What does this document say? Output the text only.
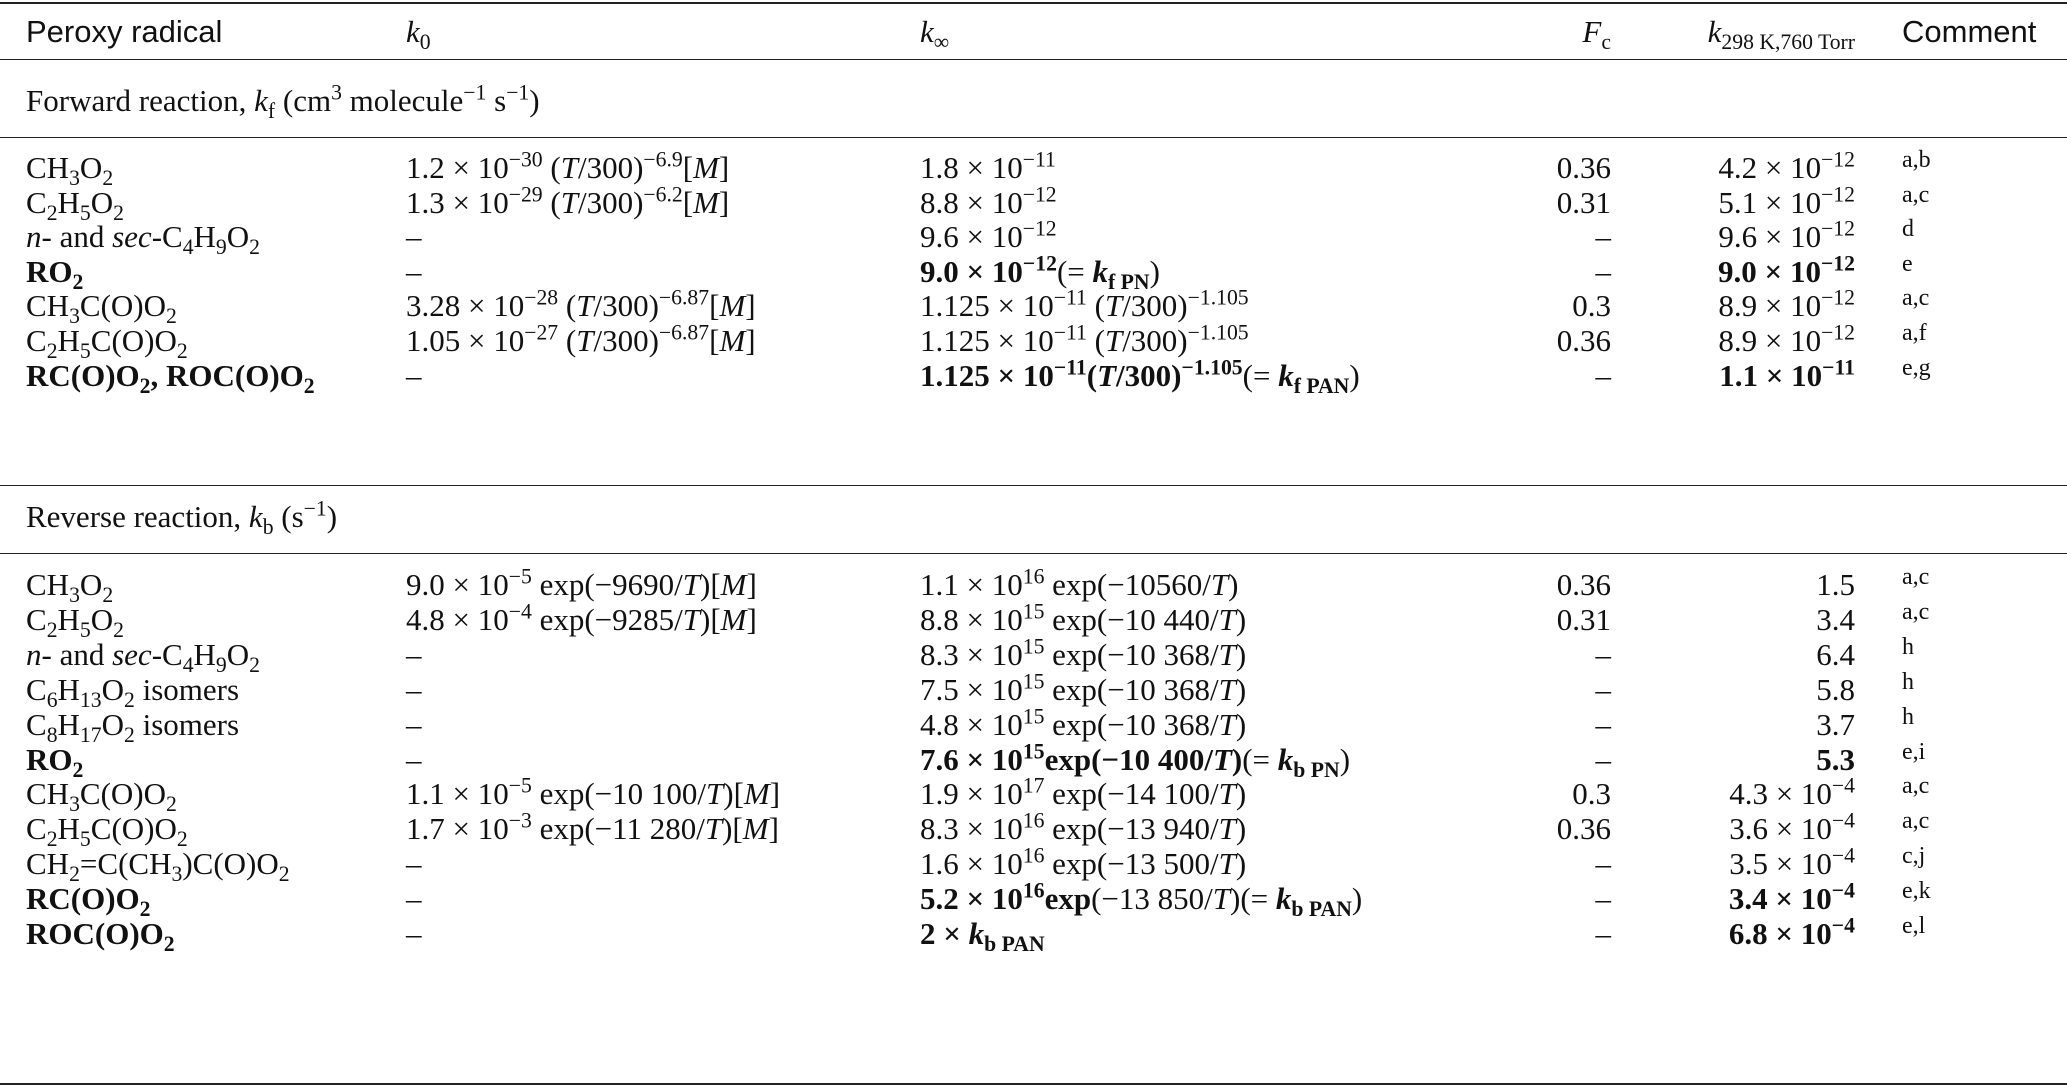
Peroxy radical	$k_0$	$k_\infty$	$F_c$	$k_{298 K,760 Torr}$ Comment
Forward reaction, $k_f$ ($cm^3$ molecule$^{-1}$ $s^{-1}$)
$CH_3O_2$	$1.2 \times 10^{-30}$ $(T/300)^{-6.9}[M]$	$1.8 \times 10^{-11}$	0.36	$4.2 \times 10^{-12}$ a,b
$C_2H_5O_2$	$1.3 \times 10^{-29}$ $(T/300)^{-6.2}[M]$	$8.8 \times 10^{-12}$	0.31	$5.1 \times 10^{-12}$ a,c
n- and $\sec-C_4H_9O_2$	–	$9.6 \times 10^{-12}$	–	$9.6 \times 10^{-12}$ d
$RO_2$	–	$9.0 \times 10^{-12}(= k_{f PN})$	–	$9.0 \times 10^{-12}$ e
$CH_3C(O)O_2$	$3.28 \times 10^{-28}$ $(T/300)^{-6.87}[M]$	$1.125 \times 10^{-11}$ $(T/300)^{-1.105}$	0.3	$8.9 \times 10^{-12}$ a,c
$C_2H_5C(O)O_2$	$1.05 \times 10^{-27}$ $(T/300)^{-6.87}[M]$	$1.125 \times 10^{-11}$ $(T/300)^{-1.105}$	0.36	$8.9 \times 10^{-12}$ a,f
$RC(O)O_2$, $ROC(O)O_2$	–	$1.125 \times 10^{-11}(T/300)^{-1.105}(= k_{f PAN})$	–	$1.1 \times 10^{-11}$ e,g
Reverse reaction, $k_b$ $(s^{-1})$
$CH_3O_2$	$9.0 \times 10^{-5}$ exp(−9690/T)[M]	$1.1 \times 10^{16}$ exp(−10560/T)	0.36	1.5 a,c
$C_2H_5O_2$	$4.8 \times 10^{-4}$ exp(−9285/T)[M]	$8.8 \times 10^{15}$ exp(−10 440/T)	0.31	3.4 a,c
n- and $\sec-C_4H_9O_2$	–	$8.3 \times 10^{15}$ exp(−10 368/T)	–	6.4 h
$C_6H_{13}O_2$ isomers	–	$7.5 \times 10^{15}$ exp(−10 368/T)	–	5.8 h
$C_8H_{17}O_2$ isomers	–	$4.8 \times 10^{15}$ exp(−10 368/T)	–	3.7 h
$RO_2$	–	$7.6 \times 10^{15}\exp(-10$ $400/T)(= k_{b PN})$	–	5.3 e,i
$CH_3C(O)O_2$	$1.1 \times 10^{-5}$ exp(−10 100/T)[M]	$1.9 \times 10^{17}$ exp(−14 100/T)	0.3	$4.3 \times 10^{-4}$ a,c
$C_2H_5C(O)O_2$	$1.7 \times 10^{-3}$ exp(−11 280/T)[M]	$8.3 \times 10^{16}$ exp(−13 940/T)	0.36	$3.6 \times 10^{-4}$ a,c
$CH_2=C(CH_3)C(O)O_2$	–	$1.6 \times 10^{16}$ exp(−13 500/T)	–	$3.5 \times 10^{-4}$ c,j
$RC(O)O_2$	–	$5.2 \times 10^{16}\exp(-13$ $850/T)(= k_{b PAN})$	–	$3.4 \times 10^{-4}$ e,k
$ROC(O)O_2$	–	$2 \times k_{b PAN}$	–	$6.8 \times 10^{-4}$ e,l
